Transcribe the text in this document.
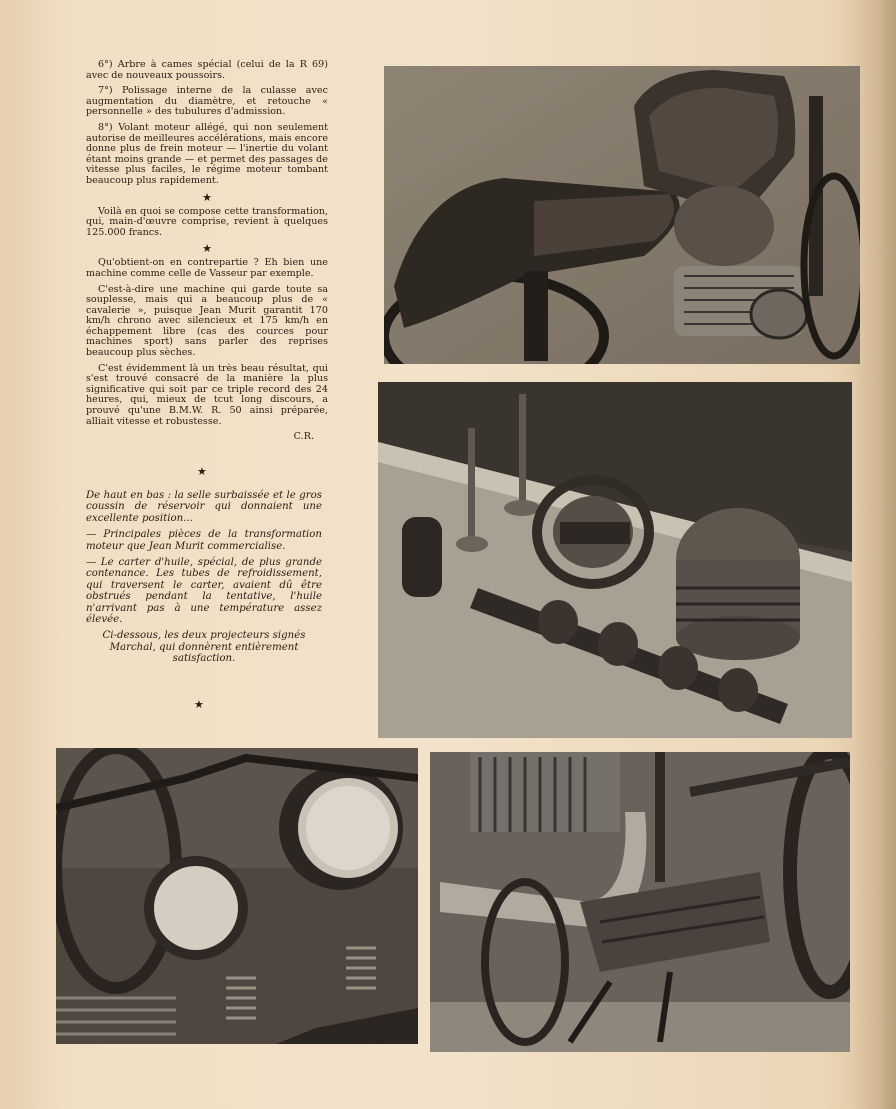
6°) Arbre à cames spécial (celui de la R 69) avec de nouveaux poussoirs.

7°) Polissage interne de la culasse avec augmentation du diamètre, et retouche « personnelle » des tubulures d'admission.

8°) Volant moteur allégé, qui non seulement autorise de meilleures accélérations, mais encore donne plus de frein moteur — l'inertie du volant étant moins grande — et permet des passages de vitesse plus faciles, le régime moteur tombant beaucoup plus rapidement.

★

Voilà en quoi se compose cette transformation, qui, main-d'œuvre comprise, revient à quelques 125.000 francs.

★

Qu'obtient-on en contrepartie ? Eh bien une machine comme celle de Vasseur par exemple.

C'est-à-dire une machine qui garde toute sa souplesse, mais qui a beaucoup plus de « cavalerie », puisque Jean Murit garantit 170 km/h chrono avec silencieux et 175 km/h en échappement libre (cas des cources pour machines sport) sans parler des reprises beaucoup plus sèches.

C'est évidemment là un très beau résultat, qui s'est trouvé consacré de la manière la plus significative qui soit par ce triple record des 24 heures, qui, mieux de tcut long discours, a prouvé qu'une B.M.W. R. 50 ainsi préparée, alliait vitesse et robustesse.

C.R.
★

De haut en bas : la selle surbaissée et le gros coussin de réservoir qui donnaient une excellente position...

— Principales pièces de la transformation moteur que Jean Murit commercialise.

— Le carter d'huile, spécial, de plus grande contenance. Les tubes de refroidissement, qui traversent le carter, avaient dû être obstrués pendant la tentative, l'huile n'arrivant pas à une température assez élevée.

Ci-dessous, les deux projecteurs signés Marchal, qui donnèrent entièrement satisfaction.

★
